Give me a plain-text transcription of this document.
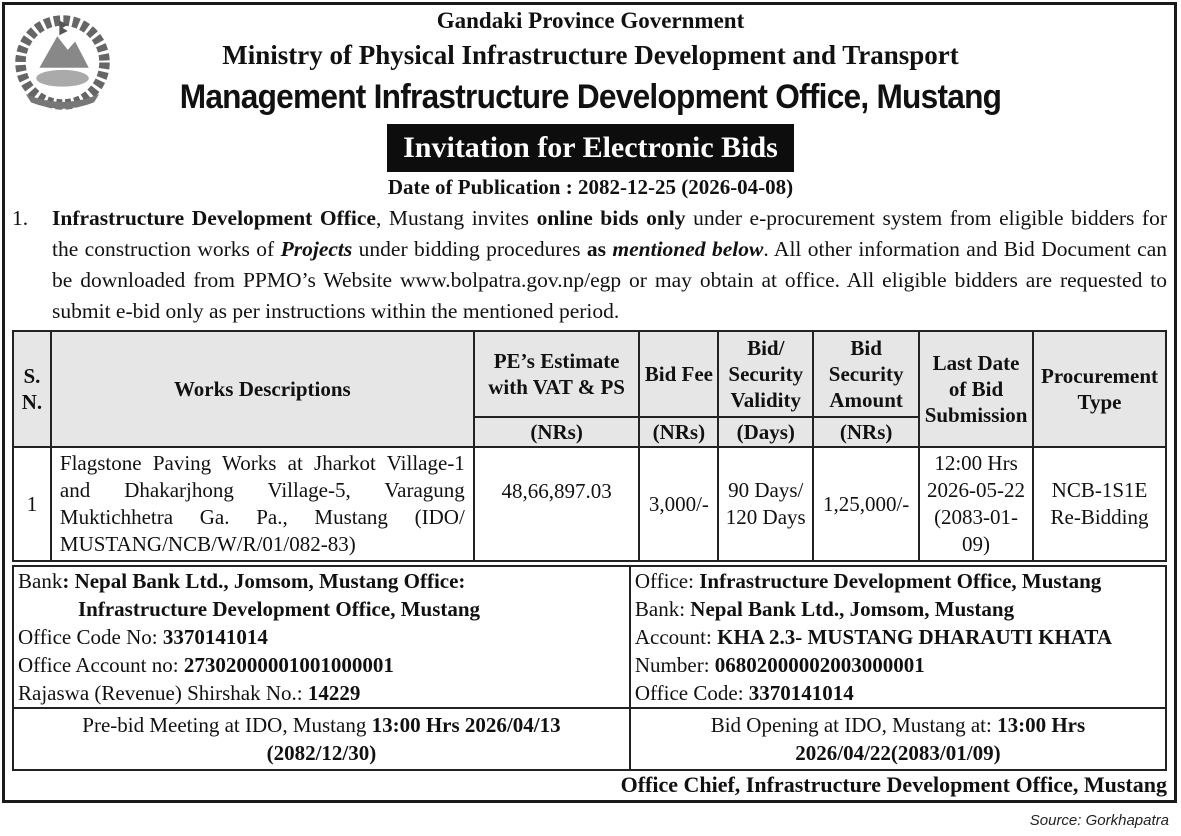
Gandaki Province Government
Ministry of Physical Infrastructure Development and Transport
Management Infrastructure Development Office, Mustang
Invitation for Electronic Bids
Date of Publication : 2082-12-25 (2026-04-08)
1. Infrastructure Development Office, Mustang invites online bids only under e-procurement system from eligible bidders for the construction works of Projects under bidding procedures as mentioned below. All other information and Bid Document can be downloaded from PPMO’s Website www.bolpatra.gov.np/egp or may obtain at office. All eligible bidders are requested to submit e-bid only as per instructions within the mentioned period.
S. N.	Works Descriptions	PE’s Estimate with VAT & PS	Bid Fee	Bid/ Security Validity	Bid Security Amount	Last Date of Bid Submission	Procurement Type
		(NRs)	(NRs)	(Days)	(NRs)		
1	Flagstone Paving Works at Jharkot Village-1 and Dhakarjhong Village-5, Varagung Muktichhetra Ga. Pa., Mustang (IDO/ MUSTANG/NCB/W/R/01/082-83)	48,66,897.03	3,000/-	90 Days/ 120 Days	1,25,000/-	12:00 Hrs 2026-05-22 (2083-01-09)	NCB-1S1E Re-Bidding
Bank: Nepal Bank Ltd., Jomsom, Mustang Office:
Infrastructure Development Office, Mustang
Office Code No: 3370141014
Office Account no: 27302000001001000001
Rajaswa (Revenue) Shirshak No.: 14229

Office: Infrastructure Development Office, Mustang
Bank: Nepal Bank Ltd., Jomsom, Mustang
Account: KHA 2.3- MUSTANG DHARAUTI KHATA
Number: 06802000002003000001
Office Code: 3370141014

Pre-bid Meeting at IDO, Mustang 13:00 Hrs 2026/04/13
(2082/12/30)	Bid Opening at IDO, Mustang at: 13:00 Hrs
2026/04/22(2083/01/09)
Office Chief, Infrastructure Development Office, Mustang
Source: Gorkhapatra
